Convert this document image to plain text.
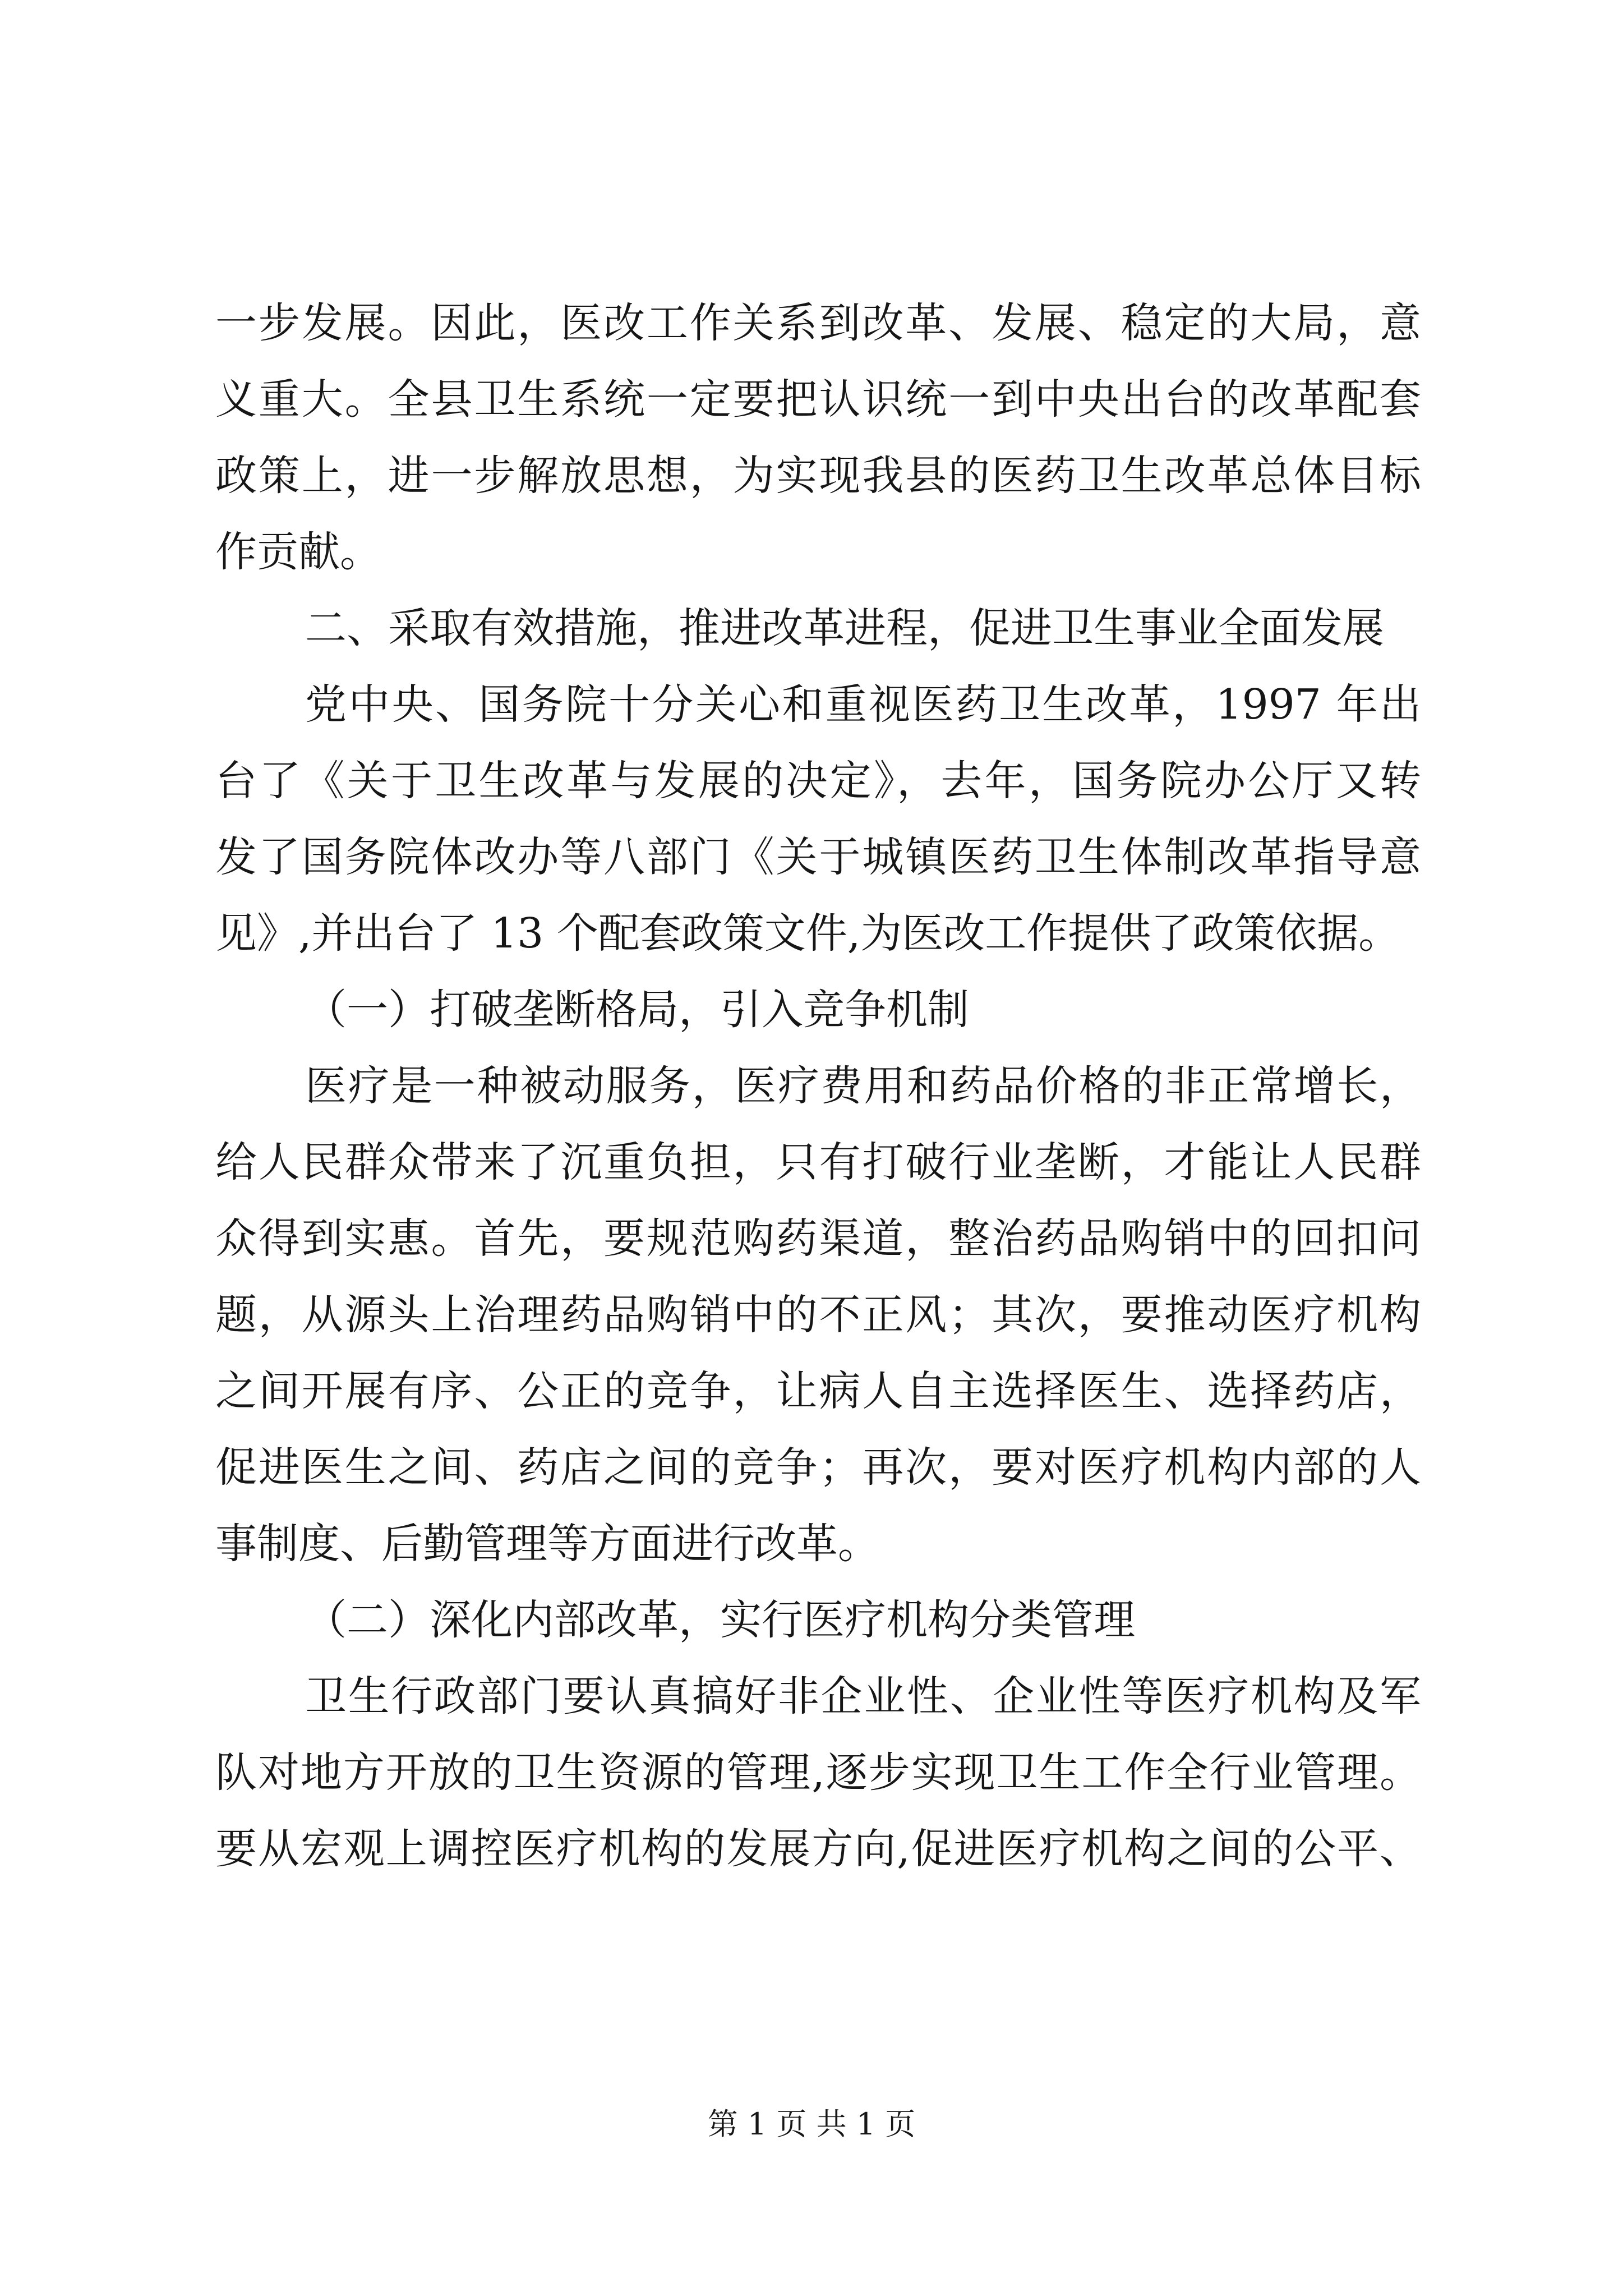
一步发展。因此，医改工作关系到改革、发展、稳定的大局，意
义重大。全县卫生系统一定要把认识统一到中央出台的改革配套
政策上，进一步解放思想，为实现我县的医药卫生改革总体目标
作贡献。
二、采取有效措施，推进改革进程，促进卫生事业全面发展
党中央、国务院十分关心和重视医药卫生改革，1997 年出
台了《关于卫生改革与发展的决定》，去年，国务院办公厅又转
发了国务院体改办等八部门《关于城镇医药卫生体制改革指导意
见》,并出台了 13 个配套政策文件,为医改工作提供了政策依据。
（一）打破垄断格局，引入竞争机制
医疗是一种被动服务，医疗费用和药品价格的非正常增长，
给人民群众带来了沉重负担，只有打破行业垄断，才能让人民群
众得到实惠。首先，要规范购药渠道，整治药品购销中的回扣问
题，从源头上治理药品购销中的不正风；其次，要推动医疗机构
之间开展有序、公正的竞争，让病人自主选择医生、选择药店，
促进医生之间、药店之间的竞争；再次，要对医疗机构内部的人
事制度、后勤管理等方面进行改革。
（二）深化内部改革，实行医疗机构分类管理
卫生行政部门要认真搞好非企业性、企业性等医疗机构及军
队对地方开放的卫生资源的管理,逐步实现卫生工作全行业管理。
要从宏观上调控医疗机构的发展方向,促进医疗机构之间的公平、
第 1 页 共 1 页
